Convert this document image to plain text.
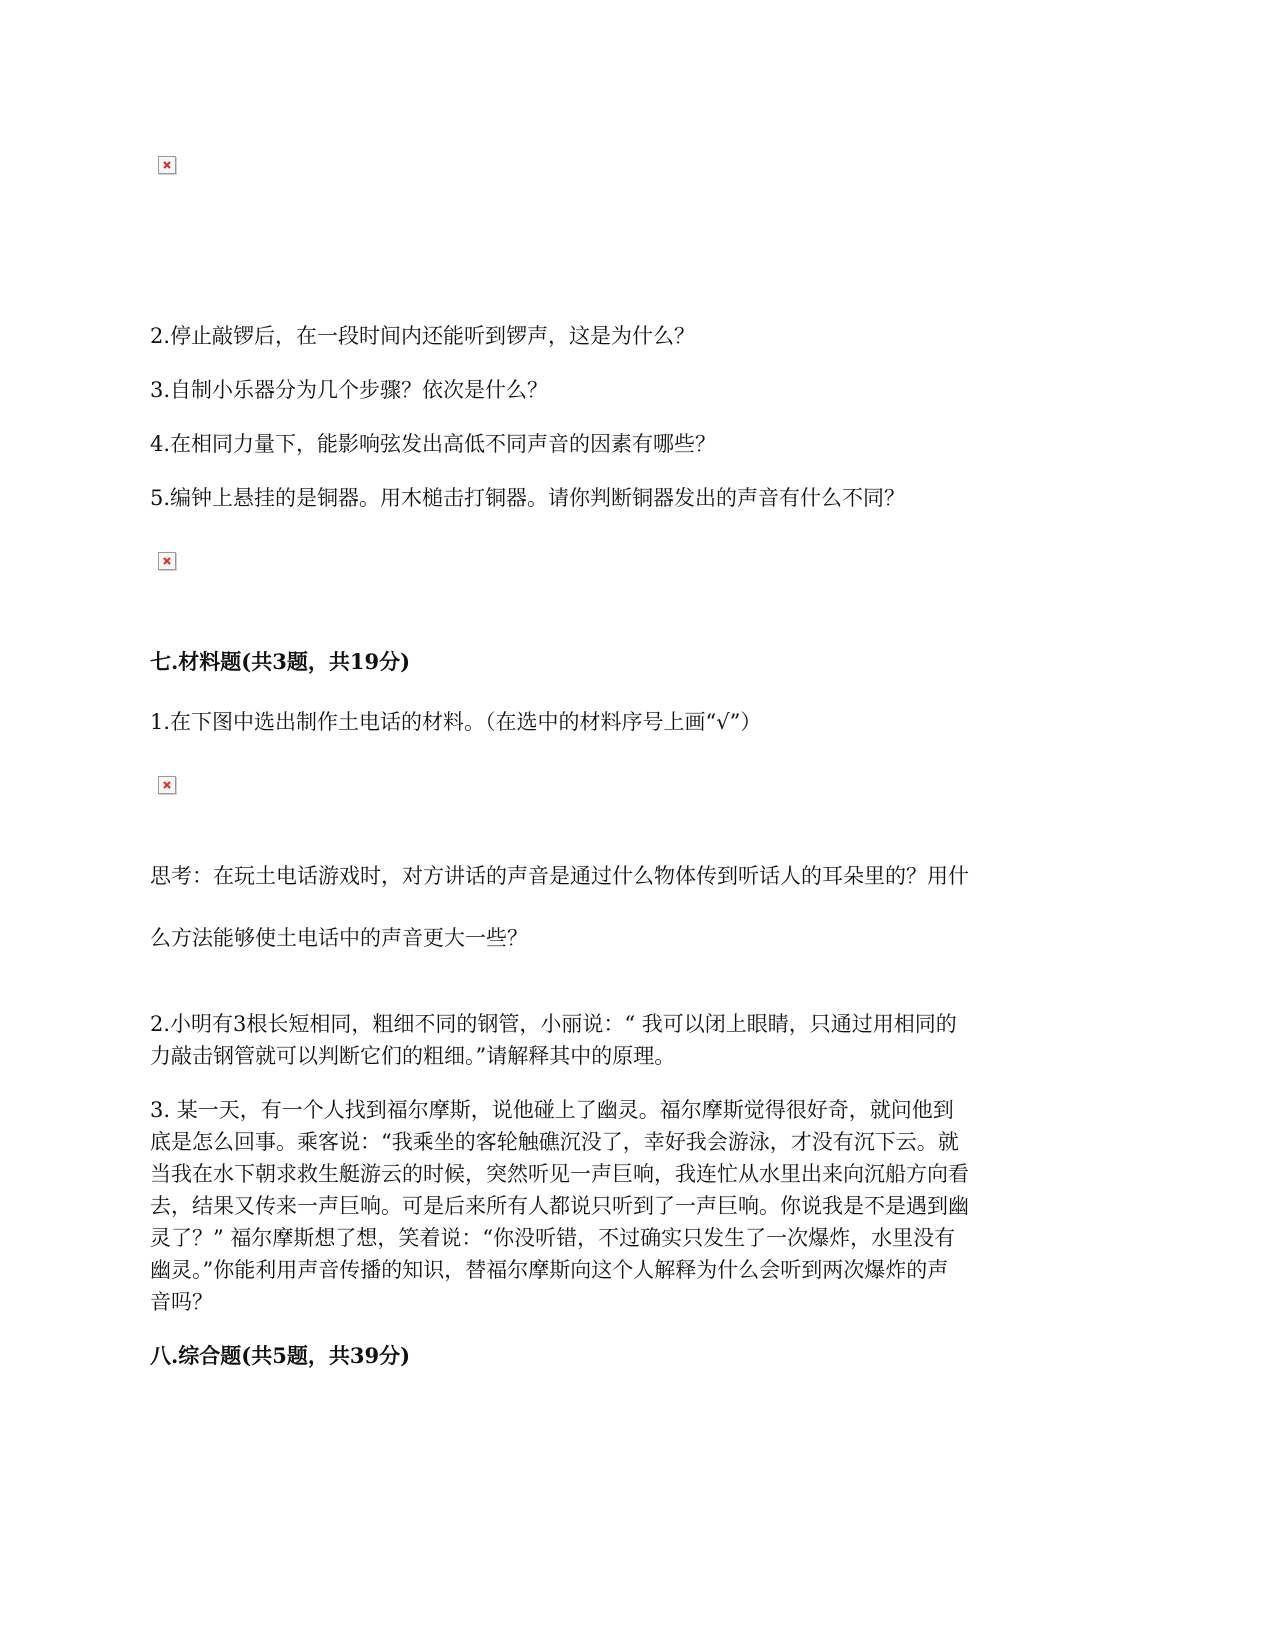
2.停止敲锣后，在一段时间内还能听到锣声，这是为什么？
3.自制小乐器分为几个步骤？依次是什么？
4.在相同力量下，能影响弦发出高低不同声音的因素有哪些？
5.编钟上悬挂的是铜器。用木槌击打铜器。请你判断铜器发出的声音有什么不同？
七.材料题(共3题，共19分)
1.在下图中选出制作土电话的材料。（在选中的材料序号上画“√”）
思考：在玩土电话游戏时，对方讲话的声音是通过什么物体传到听话人的耳朵里的？用什
么方法能够使土电话中的声音更大一些？
2.小明有3根长短相同，粗细不同的钢管，小丽说：“ 我可以闭上眼睛，只通过用相同的
力敲击钢管就可以判断它们的粗细。”请解释其中的原理。
3. 某一天，有一个人找到福尔摩斯，说他碰上了幽灵。福尔摩斯觉得很好奇，就问他到
底是怎么回事。乘客说：“我乘坐的客轮触礁沉没了，幸好我会游泳，才没有沉下云。就
当我在水下朝求救生艇游云的时候，突然听见一声巨响，我连忙从水里出来向沉船方向看
去，结果又传来一声巨响。可是后来所有人都说只听到了一声巨响。你说我是不是遇到幽
灵了？” 福尔摩斯想了想，笑着说：“你没听错，不过确实只发生了一次爆炸，水里没有
幽灵。”你能利用声音传播的知识，替福尔摩斯向这个人解释为什么会听到两次爆炸的声
音吗？
八.综合题(共5题，共39分)
